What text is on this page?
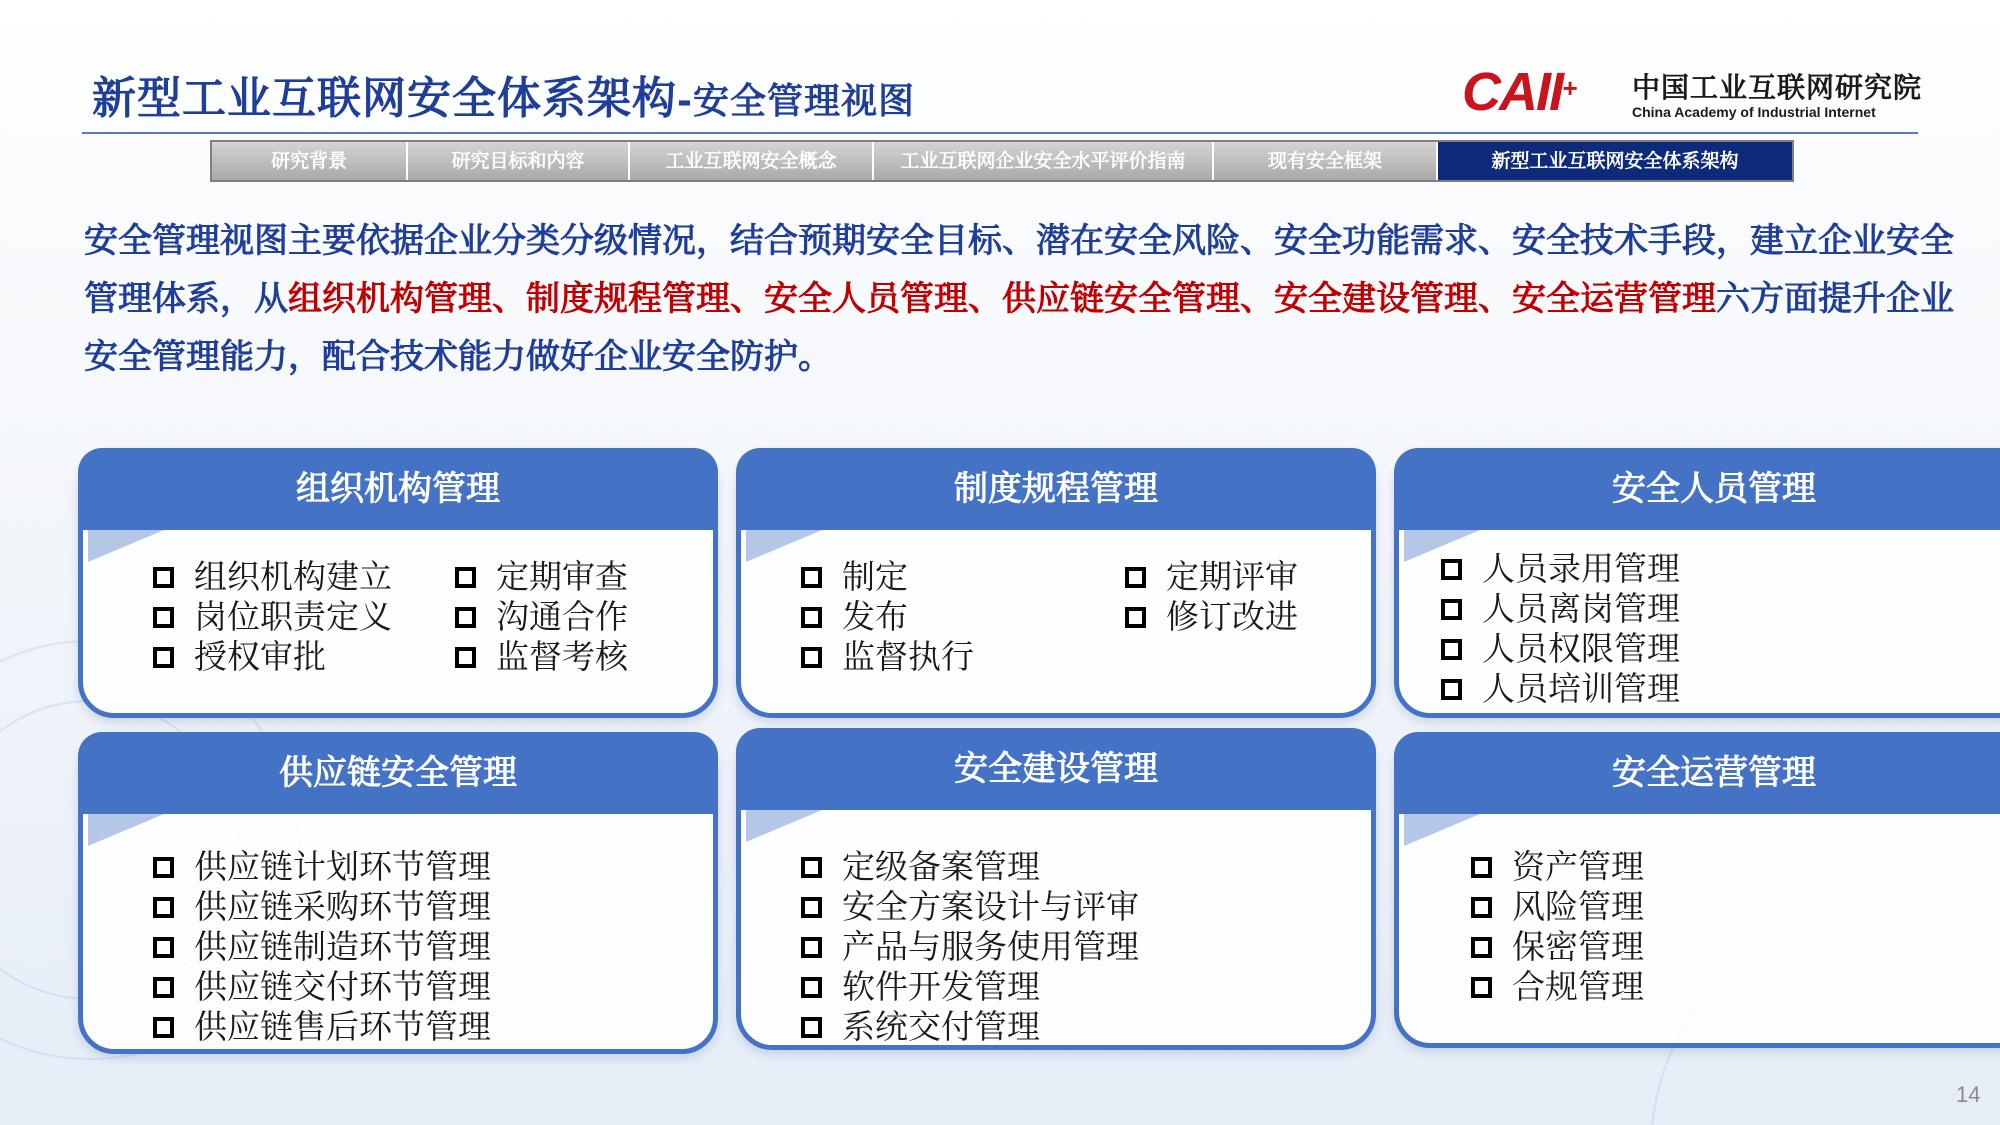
新型工业互联网安全体系架构-安全管理视图	CAII+ 中国工业互联网研究院
China Academy of Industrial Internet
研究背景	研究目标和内容	工业互联网安全概念	工业互联网企业安全水平评价指南	现有安全框架	新型工业互联网安全体系架构
安全管理视图主要依据企业分类分级情况，结合预期安全目标、潜在安全风险、安全功能需求、安全技术手段，建立企业安全管理体系，从组织机构管理、制度规程管理、安全人员管理、供应链安全管理、安全建设管理、安全运营管理六方面提升企业安全管理能力，配合技术能力做好企业安全防护。
组织机构管理
组织机构建立
岗位职责定义
授权审批
定期审查
沟通合作
监督考核
制度规程管理
制定
发布
监督执行
定期评审
修订改进
安全人员管理
人员录用管理
人员离岗管理
人员权限管理
人员培训管理
供应链安全管理
供应链计划环节管理
供应链采购环节管理
供应链制造环节管理
供应链交付环节管理
供应链售后环节管理
安全建设管理
定级备案管理
安全方案设计与评审
产品与服务使用管理
软件开发管理
系统交付管理
安全运营管理
资产管理
风险管理
保密管理
合规管理
14
